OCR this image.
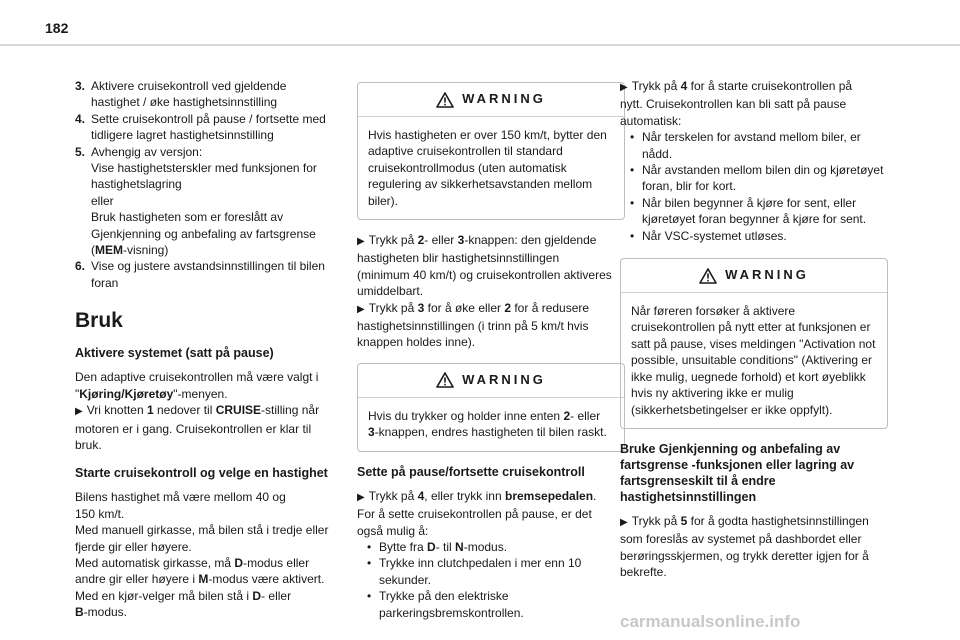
182
3. Aktivere cruisekontroll ved gjeldende
hastighet / øke hastighetsinnstilling
4. Sette cruisekontroll på pause / fortsette med
tidligere lagret hastighetsinnstilling
5. Avhengig av versjon:
Vise hastighetsterskler med funksjonen for
hastighetslagring
eller
Bruk hastigheten som er foreslått av
Gjenkjenning og anbefaling av fartsgrense
(MEM-visning)
6. Vise og justere avstandsinnstillingen til bilen
foran
Bruk
Aktivere systemet (satt på pause)

Den adaptive cruisekontrollen må være valgt i

"Kjøring/Kjøretøy"-menyen.

▶ Vri knotten 1 nedover til CRUISE-stilling når

motoren er i gang. Cruisekontrollen er klar til

bruk.

Starte cruisekontroll og velge en hastighet

Bilens hastighet må være mellom 40 og

150 km/t.

Med manuell girkasse, må bilen stå i tredje eller

fjerde gir eller høyere.

Med automatisk girkasse, må D-modus eller

andre gir eller høyere i M-modus være aktivert.

Med en kjør-velger må bilen stå i D- eller

B-modus.

WARNING

Hvis hastigheten er over 150 km/t, bytter den adaptive cruisekontrollen til standard cruisekontrollmodus (uten automatisk regulering av sikkerhetsavstanden mellom biler).

▶ Trykk på 2- eller 3-knappen: den gjeldende

hastigheten blir hastighetsinnstillingen

(minimum 40 km/t) og cruisekontrollen aktiveres

umiddelbart.

▶ Trykk på 3 for å øke eller 2 for å redusere

hastighetsinnstillingen (i trinn på 5 km/t hvis

knappen holdes inne).

WARNING

Hvis du trykker og holder inne enten 2- eller 3-knappen, endres hastigheten til bilen raskt.

Sette på pause/fortsette cruisekontroll

▶ Trykk på 4, eller trykk inn bremsepedalen.

For å sette cruisekontrollen på pause, er det

også mulig å:

• Bytte fra D- til N-modus.
• Trykke inn clutchpedalen i mer enn 10 sekunder.
• Trykke på den elektriske parkeringsbremskontrollen.

▶ Trykk på 4 for å starte cruisekontrollen på

nytt. Cruisekontrollen kan bli satt på pause

automatisk:

• Når terskelen for avstand mellom biler, er nådd.
• Når avstanden mellom bilen din og kjøretøyet foran, blir for kort.
• Når bilen begynner å kjøre for sent, eller kjøretøyet foran begynner å kjøre for sent.
• Når VSC-systemet utløses.
WARNING

Når føreren forsøker å aktivere cruisekontrollen på nytt etter at funksjonen er satt på pause, vises meldingen "Activation not possible, unsuitable conditions" (Aktivering er ikke mulig, uegnede forhold) et kort øyeblikk hvis ny aktivering ikke er mulig (sikkerhetsbetingelser er ikke oppfylt).

Bruke Gjenkjenning og anbefaling av fartsgrense -funksjonen eller lagring av fartsgrenseskilt til å endre hastighetsinnstillingen

▶ Trykk på 5 for å godta hastighetsinnstillingen

som foreslås av systemet på dashbordet eller

berøringsskjermen, og trykk deretter igjen for å

bekrefte.

carmanualsonline.info
